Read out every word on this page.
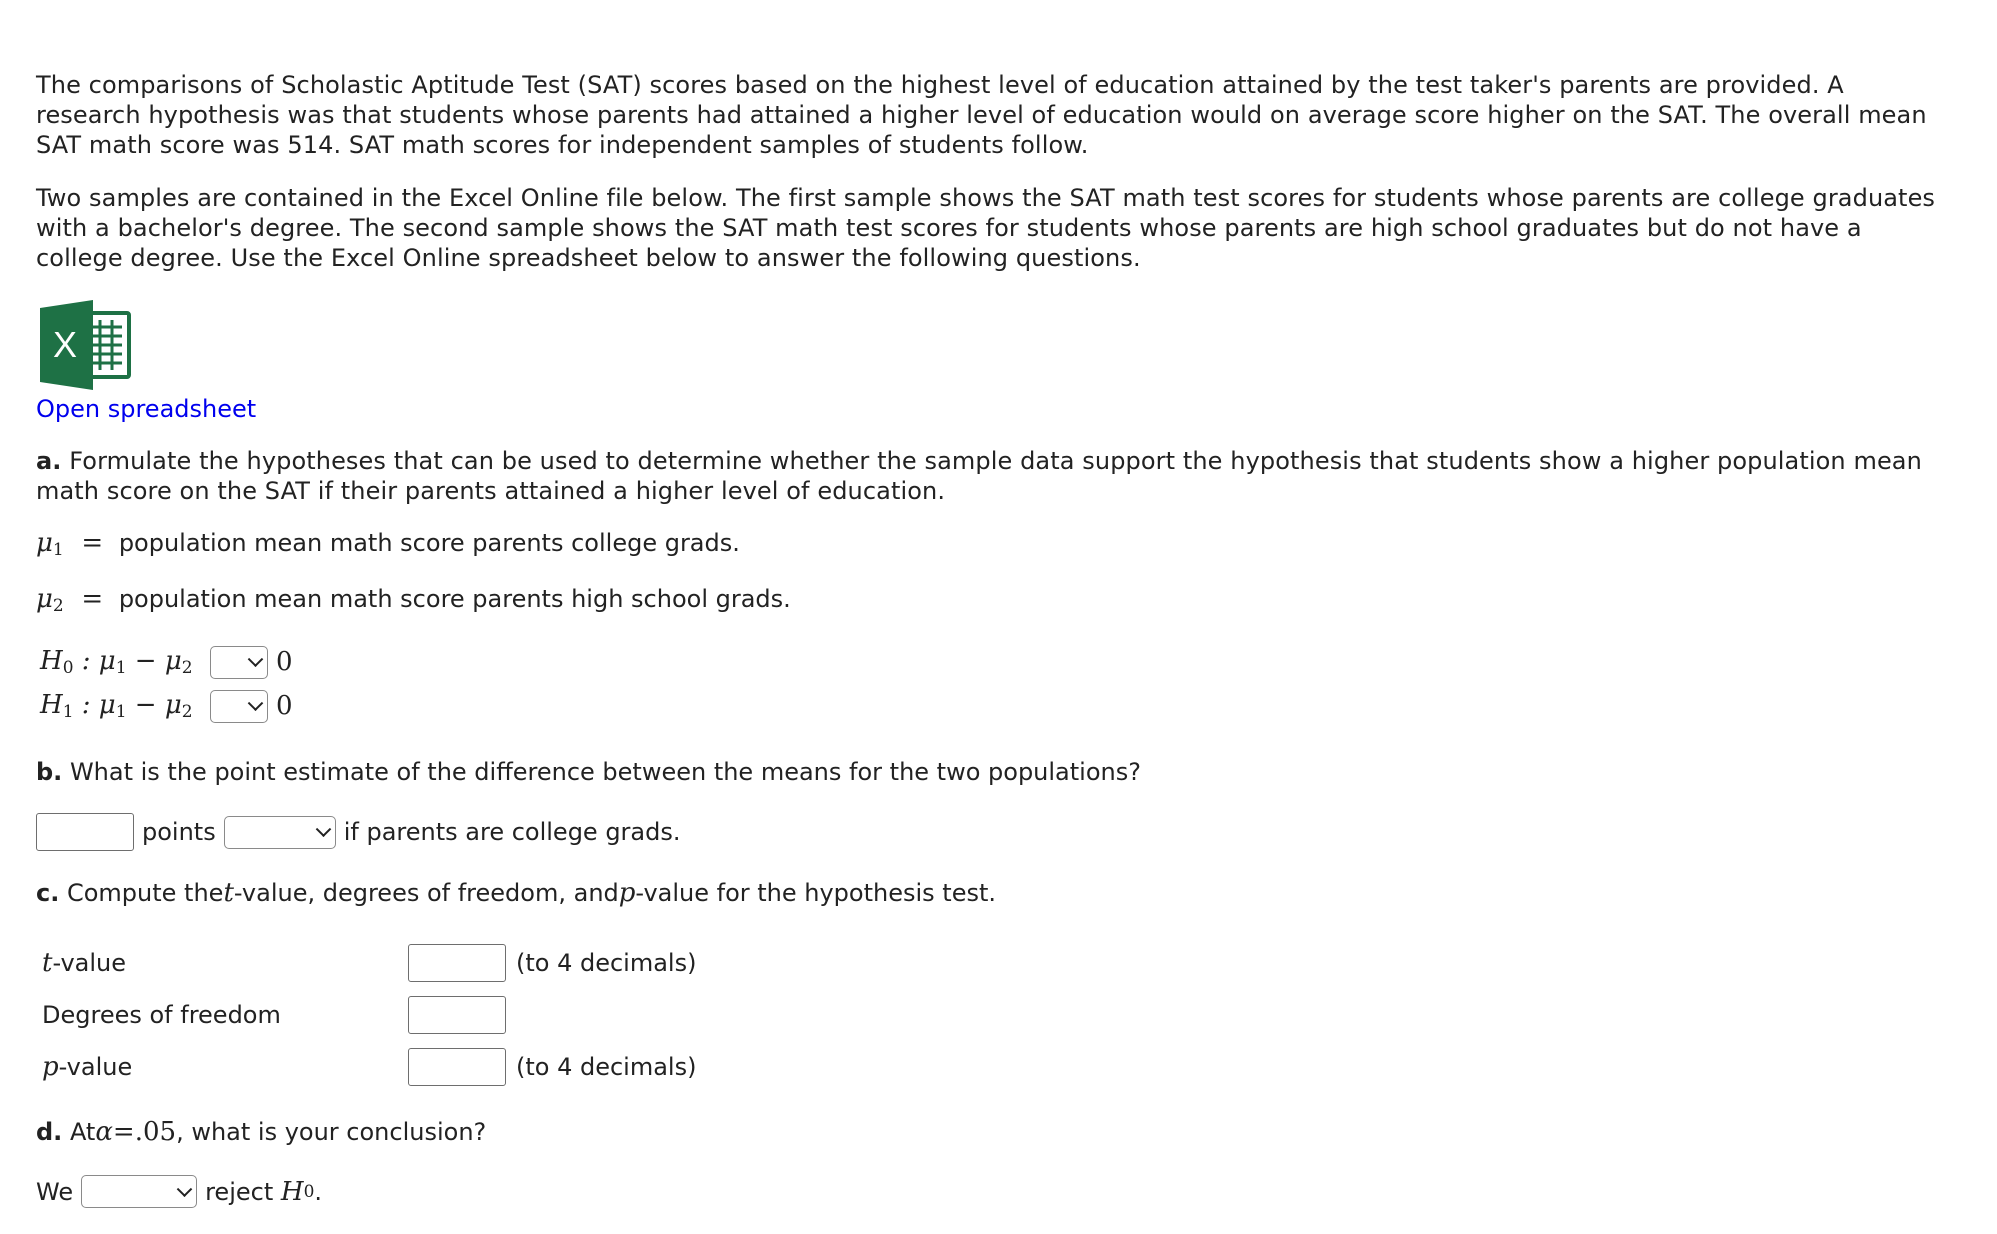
The comparisons of Scholastic Aptitude Test (SAT) scores based on the highest level of education attained by the test taker's parents are provided. A research hypothesis was that students whose parents had attained a higher level of education would on average score higher on the SAT. The overall mean SAT math score was 514. SAT math scores for independent samples of students follow.

Two samples are contained in the Excel Online file below. The first sample shows the SAT math test scores for students whose parents are college graduates with a bachelor's degree. The second sample shows the SAT math test scores for students whose parents are high school graduates but do not have a college degree. Use the Excel Online spreadsheet below to answer the following questions.

X
Open spreadsheet

a. Formulate the hypotheses that can be used to determine whether the sample data support the hypothesis that students show a higher population mean math score on the SAT if their parents attained a higher level of education.

$\mu_1$ = population mean math score parents college grads.
$\mu_2$ = population mean math score parents high school grads.
H0 : μ1 − μ2	0
H1 : μ1 − μ2	0
b.
What is the point estimate of the difference between the means for the two populations?
points	if parents are college grads.
c.
Compute the t -value, degrees of freedom, and p -value for the hypothesis test.
t-value	(to 4 decimals)
Degrees of freedom
p-value	(to 4 decimals)
d.
At α = .05 , what is your conclusion?
We	reject
H 0 .
